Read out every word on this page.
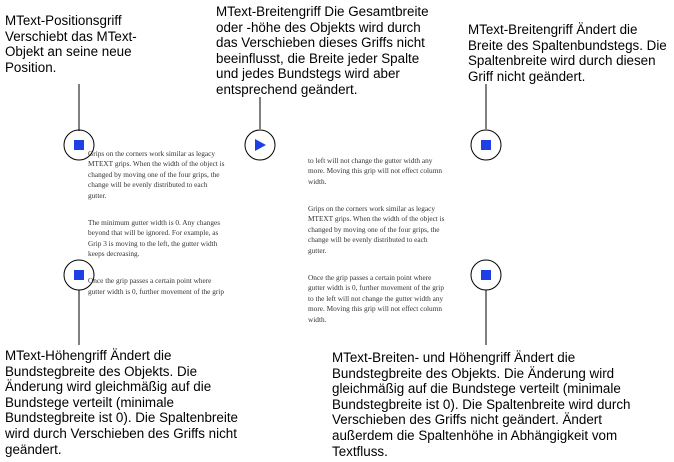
MText-Positionsgriff
Verschiebt das MText-
Objekt an seine neue
Position.
MText-Breitengriff Die Gesamtbreite
oder -höhe des Objekts wird durch
das Verschieben dieses Griffs nicht
beeinflusst, die Breite jeder Spalte
und jedes Bundstegs wird aber
entsprechend geändert.
MText-Breitengriff Ändert die
Breite des Spaltenbundstegs. Die
Spaltenbreite wird durch diesen
Griff nicht geändert.
MText-Höhengriff Ändert die
Bundstegbreite des Objekts. Die
Änderung wird gleichmäßig auf die
Bundstege verteilt (minimale
Bundstegbreite ist 0). Die Spaltenbreite
wird durch Verschieben des Griffs nicht
geändert.
MText-Breiten- und Höhengriff Ändert die
Bundstegbreite des Objekts. Die Änderung wird
gleichmäßig auf die Bundstege verteilt (minimale
Bundstegbreite ist 0). Die Spaltenbreite wird durch
Verschieben des Griffs nicht geändert. Ändert
außerdem die Spaltenhöhe in Abhängigkeit vom
Textfluss.

Grips on the corners work similar as legacy
MTEXT grips. When the width of the object is
changed by moving one of the four grips, the
change will be evenly distributed to each
gutter.

The minimum gutter width is 0. Any changes
beyond that will be ignored. For example, as
Grip 3 is moving to the left, the gutter width
keeps decreasing.

Once the grip passes a certain point where
gutter width is 0, further movement of the grip

to left will not change the gutter width any
more. Moving this grip will not effect column
width.

Grips on the corners work similar as legacy
MTEXT grips. When the width of the object is
changed by moving one of the four grips, the
change will be evenly distributed to each
gutter.

Once the grip passes a certain point where
gutter width is 0, further movement of the grip
to the left will not change the gutter width any
more. Moving this grip will not effect column
width.
